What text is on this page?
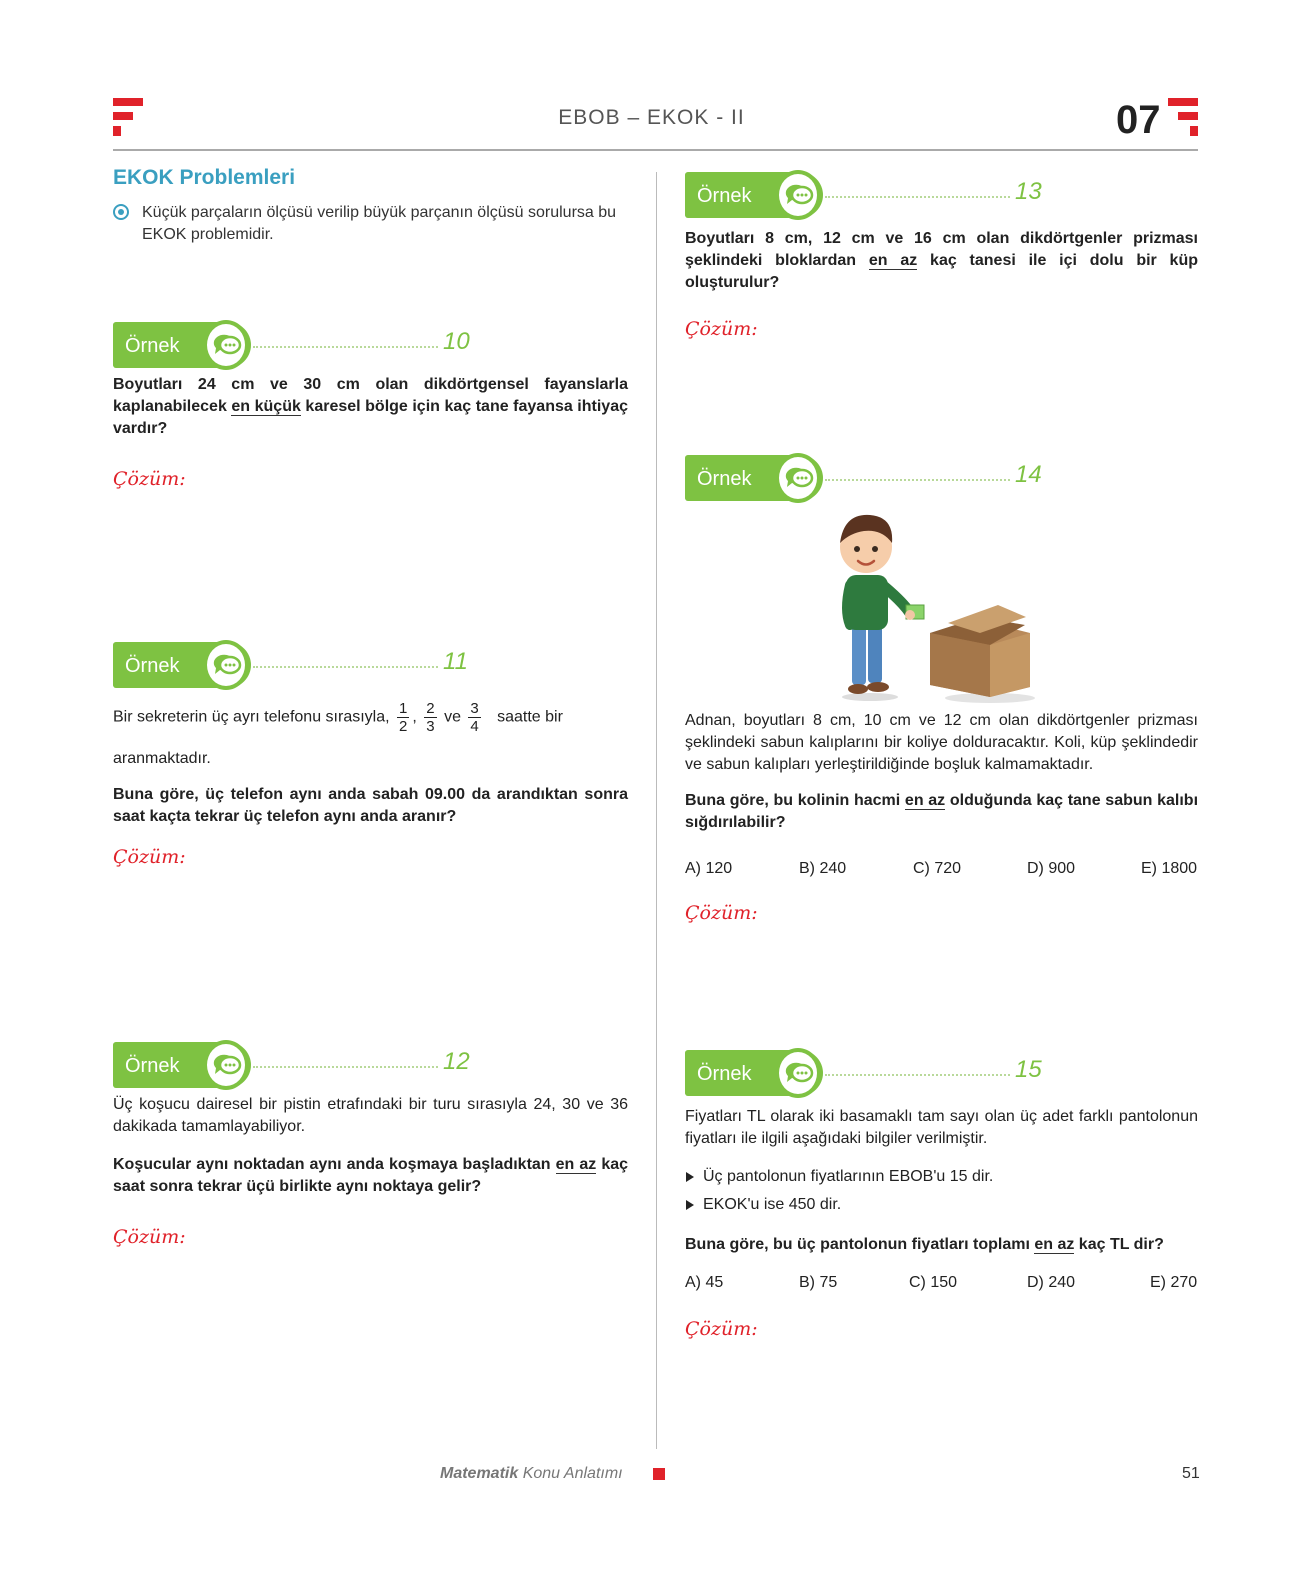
EBOB – EKOK - II	07
EKOK Problemleri
Küçük parçaların ölçüsü verilip büyük parçanın ölçüsü sorulursa bu EKOK problemidir.
Örnek	10
Boyutları 24 cm ve 30 cm olan dikdörtgensel fayanslarla kaplanabilecek en küçük karesel bölge için kaç tane fayansa ihtiyaç vardır?
Çözüm:
Örnek	11
Bir sekreterin üç ayrı telefonu sırasıyla, $\frac{1}{2}$ , $\frac{2}{3}$ ve $\frac{3}{4}$ saatte bir
aranmaktadır.
Buna göre, üç telefon aynı anda sabah 09.00 da arandıktan sonra saat kaçta tekrar üç telefon aynı anda aranır?
Çözüm:
Örnek	12
Üç koşucu dairesel bir pistin etrafındaki bir turu sırasıyla 24, 30 ve 36 dakikada tamamlayabiliyor.
Koşucular aynı noktadan aynı anda koşmaya başladıktan en az kaç saat sonra tekrar üçü birlikte aynı noktaya gelir?
Çözüm:
Örnek	13
Boyutları 8 cm, 12 cm ve 16 cm olan dikdörtgenler prizması şeklindeki bloklardan en az kaç tanesi ile içi dolu bir küp oluşturulur?
Çözüm:
Örnek	14
Adnan, boyutları 8 cm, 10 cm ve 12 cm olan dikdörtgenler prizması şeklindeki sabun kalıplarını bir koliye dolduracaktır. Koli, küp şeklindedir ve sabun kalıpları yerleştirildiğinde boşluk kalmamaktadır.
Buna göre, bu kolinin hacmi en az olduğunda kaç tane sabun kalıbı sığdırılabilir?
A) 120	B) 240	C) 720	D) 900	E) 1800
Çözüm:
Örnek	15
Fiyatları TL olarak iki basamaklı tam sayı olan üç adet farklı pantolonun fiyatları ile ilgili aşağıdaki bilgiler verilmiştir.
Üç pantolonun fiyatlarının EBOB'u 15 dir.
EKOK'u ise 450 dir.
Buna göre, bu üç pantolonun fiyatları toplamı en az kaç TL dir?
A) 45	B) 75	C) 150	D) 240	E) 270
Çözüm:
Matematik Konu Anlatımı	51
